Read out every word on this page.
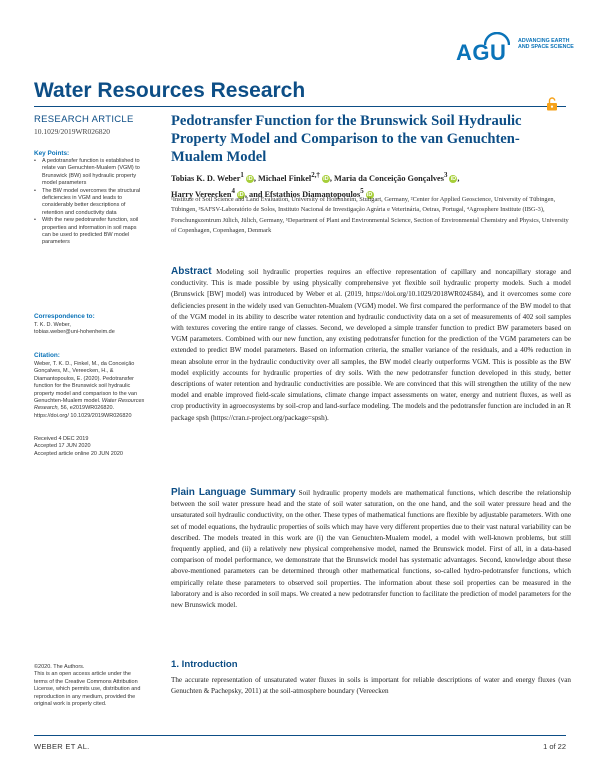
AGU ADVANCING EARTH AND SPACE SCIENCE
Water Resources Research
RESEARCH ARTICLE
10.1029/2019WR026820
Key Points:
• A pedotransfer function is established to relate van Genuchten-Mualem (VGM) to Brunswick (BW) soil hydraulic property model parameters
• The BW model overcomes the structural deficiencies in VGM and leads to considerably better descriptions of retention and conductivity data
• With the new pedotransfer function, soil properties and information in soil maps can be used to predicted BW model parameters
Correspondence to:
T. K. D. Weber,
tobias.weber@uni-hohenheim.de
Citation:
Weber, T. K. D., Finkel, M., da Conceição Gonçalves, M., Vereecken, H., & Diamantopoulos, E. (2020). Pedotransfer function for the Brunswick soil hydraulic property model and comparison to the van Genuchten-Mualem model. Water Resources Research, 56, e2019WR026820. https://doi.org/ 10.1029/2019WR026820
Received 4 DEC 2019
Accepted 17 JUN 2020
Accepted article online 20 JUN 2020
©2020. The Authors.
This is an open access article under the terms of the Creative Commons Attribution License, which permits use, distribution and reproduction in any medium, provided the original work is properly cited.
Pedotransfer Function for the Brunswick Soil Hydraulic Property Model and Comparison to the van Genuchten-Mualem Model
Tobias K. D. Weber$^1$ iD, Michael Finkel$^{2,\dagger}$ iD, Maria da Conceição Gonçalves$^3$ iD,
Harry Vereecken$^4$ iD, and Efstathios Diamantopoulos$^5$ iD
¹Institute of Soil Science and Land Evaluation, University of Hohenheim, Stuttgart, Germany, ²Center for Applied Geoscience, University of Tübingen, Tübingen, ³SAFSV-Laboratório de Solos, Instituto Nacional de Investigação Agrária e Veterinária, Oeiras, Portugal, ⁴Agrosphere Institute (IBG-3), Forschungszentrum Jülich, Jülich, Germany, ⁵Department of Plant and Environmental Science, Section of Environmental Chemistry and Physics, University of Copenhagen, Copenhagen, Denmark
Abstract Modeling soil hydraulic properties requires an effective representation of capillary and noncapillary storage and conductivity. This is made possible by using physically comprehensive yet flexible soil hydraulic property models. Such a model (Brunswick [BW] model) was introduced by Weber et al. (2019, https://doi.org/10.1029/2018WR024584), and it overcomes some core deficiencies present in the widely used van Genuchten-Mualem (VGM) model. We first compared the performance of the BW model to that of the VGM model in its ability to describe water retention and hydraulic conductivity data on a set of measurements of 402 soil samples with textures covering the entire range of classes. Second, we developed a simple transfer function to predict BW parameters based on VGM parameters. Combined with our new function, any existing pedotransfer function for the prediction of the VGM parameters can be extended to predict BW model parameters. Based on information criteria, the smaller variance of the residuals, and a 40% reduction in mean absolute error in the hydraulic conductivity over all samples, the BW model clearly outperforms VGM. This is possible as the BW model explicitly accounts for hydraulic properties of dry soils. With the new pedotransfer function developed in this study, better descriptions of water retention and hydraulic conductivities are possible. We are convinced that this will strengthen the utility of the new model and enable improved field-scale simulations, climate change impact assessments on water, energy and nutrient fluxes, as well as crop productivity in agroecosystems by soil-crop and land-surface modeling. The models and the pedotransfer function are included in an R package spsh (https://cran.r-project.org/package=spsh).
Plain Language Summary Soil hydraulic property models are mathematical functions, which describe the relationship between the soil water pressure head and the state of soil water saturation, on the one hand, and the soil water pressure head and the unsaturated soil hydraulic conductivity, on the other. These types of mathematical functions are flexible by adjustable parameters. With one set of model equations, the hydraulic properties of soils which may have very different properties due to their vast natural variability can be described. The models treated in this work are (i) the van Genuchten-Mualem model, a model with well-known problems, but still frequently applied, and (ii) a relatively new physical comprehensive model, named the Brunswick model. First of all, in a data-based comparison of model performance, we demonstrate that the Brunswick model has systematic advantages. Second, knowledge about these above-mentioned parameters can be determined through other mathematical functions, so-called hydro-pedotransfer functions, which empirically relate these parameters to observed soil properties. The information about these soil properties can be measured in the laboratory and is also recorded in soil maps. We created a new pedotransfer function to facilitate the prediction of model parameters for the new Brunswick model.
1. Introduction
The accurate representation of unsaturated water fluxes in soils is important for reliable descriptions of water and energy fluxes (van Genuchten & Pachepsky, 2011) at the soil-atmosphere boundary (Vereecken
WEBER ET AL.	1 of 22
